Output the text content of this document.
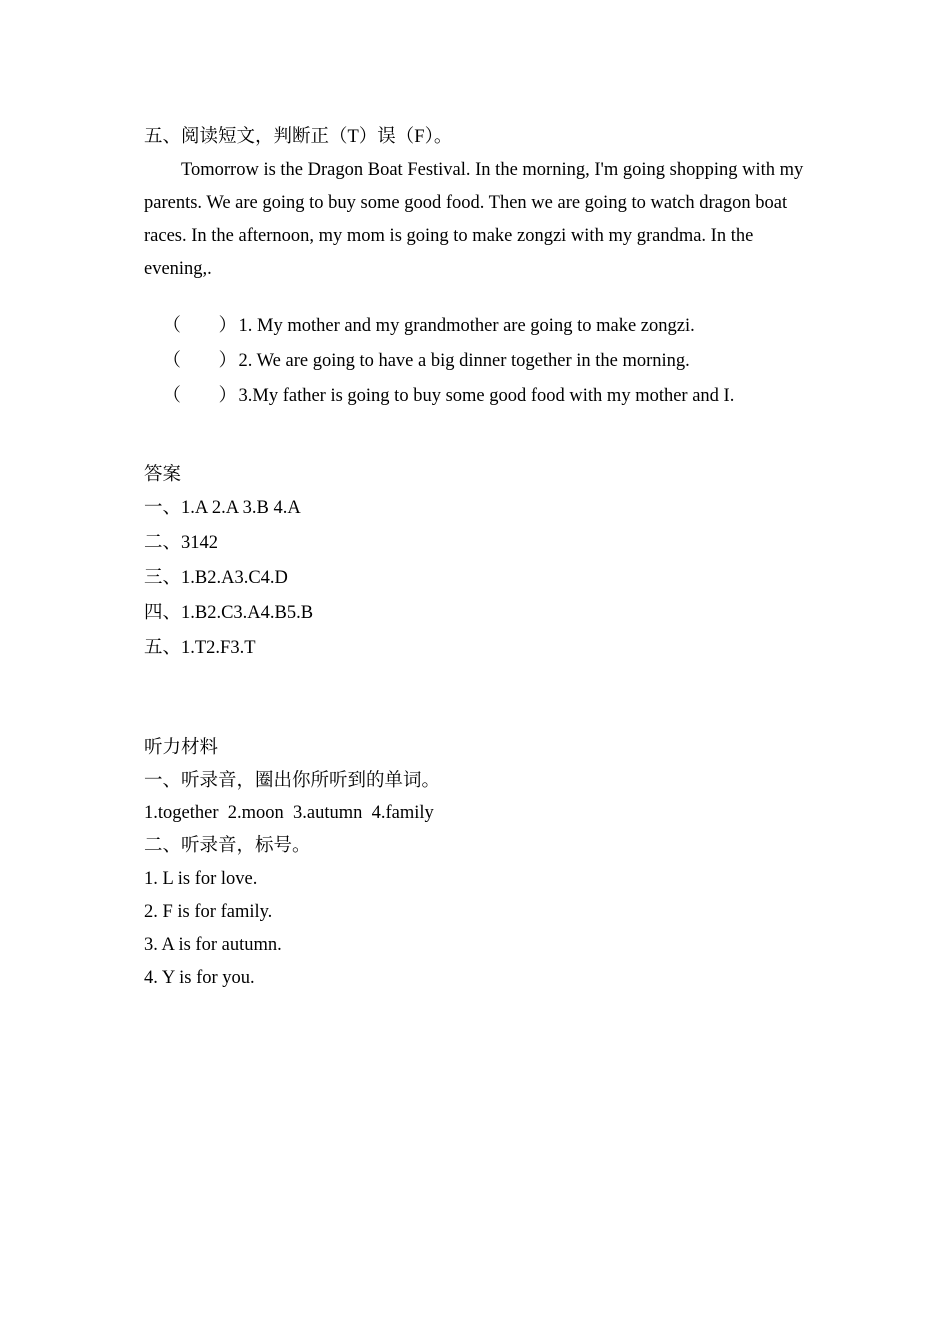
五、阅读短文，判断正（T）误（F）。

Tomorrow is the Dragon Boat Festival. In the morning, I'm going shopping with my parents. We are going to buy some good food. Then we are going to watch dragon boat races. In the afternoon, my mom is going to make zongzi with my grandma. In the evening,.

（ ）1. My mother and my grandmother are going to make zongzi.

（ ）2. We are going to have a big dinner together in the morning.

（ ）3.My father is going to buy some good food with my mother and I.

答案
一、1.A 2.A 3.B 4.A
二、3142
三、1.B2.A3.C4.D
四、1.B2.C3.A4.B5.B
五、1.T2.F3.T
听力材料
一、听录音，圈出你所听到的单词。
1.together  2.moon  3.autumn  4.family
二、听录音，标号。
1. L is for love.
2. F is for family.
3. A is for autumn.
4. Y is for you.
